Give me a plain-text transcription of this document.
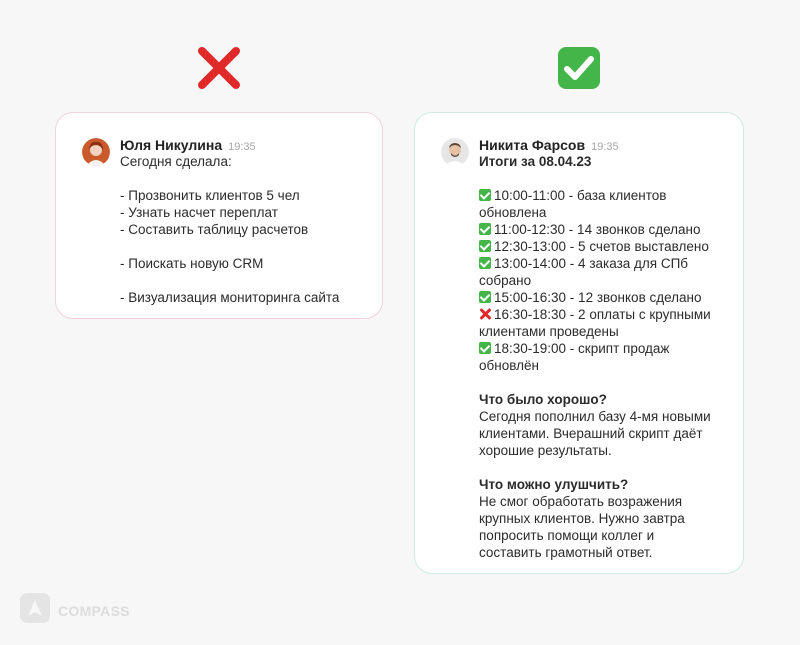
Юля Никулина 19:35
Сегодня сделала:
- Прозвонить клиентов 5 чел
- Узнать насчет переплат
- Составить таблицу расчетов
- Поискать новую CRM
- Визуализация мониторинга сайта
Никита Фарсов 19:35
Итоги за 08.04.23
10:00-11:00 - база клиентов
обновлена
11:00-12:30 - 14 звонков сделано
12:30-13:00 - 5 счетов выставлено
13:00-14:00 - 4 заказа для СПб
собрано
15:00-16:30 - 12 звонков сделано
16:30-18:30 - 2 оплаты с крупными
клиентами проведены
18:30-19:00 - скрипт продаж
обновлён
Что было хорошо?
Сегодня пополнил базу 4-мя новыми
клиентами. Вчерашний скрипт даёт
хорошие результаты.
Что можно улушчить?
Не смог обработать возражения
крупных клиентов. Нужно завтра
попросить помощи коллег и
составить грамотный ответ.
COMPASS
